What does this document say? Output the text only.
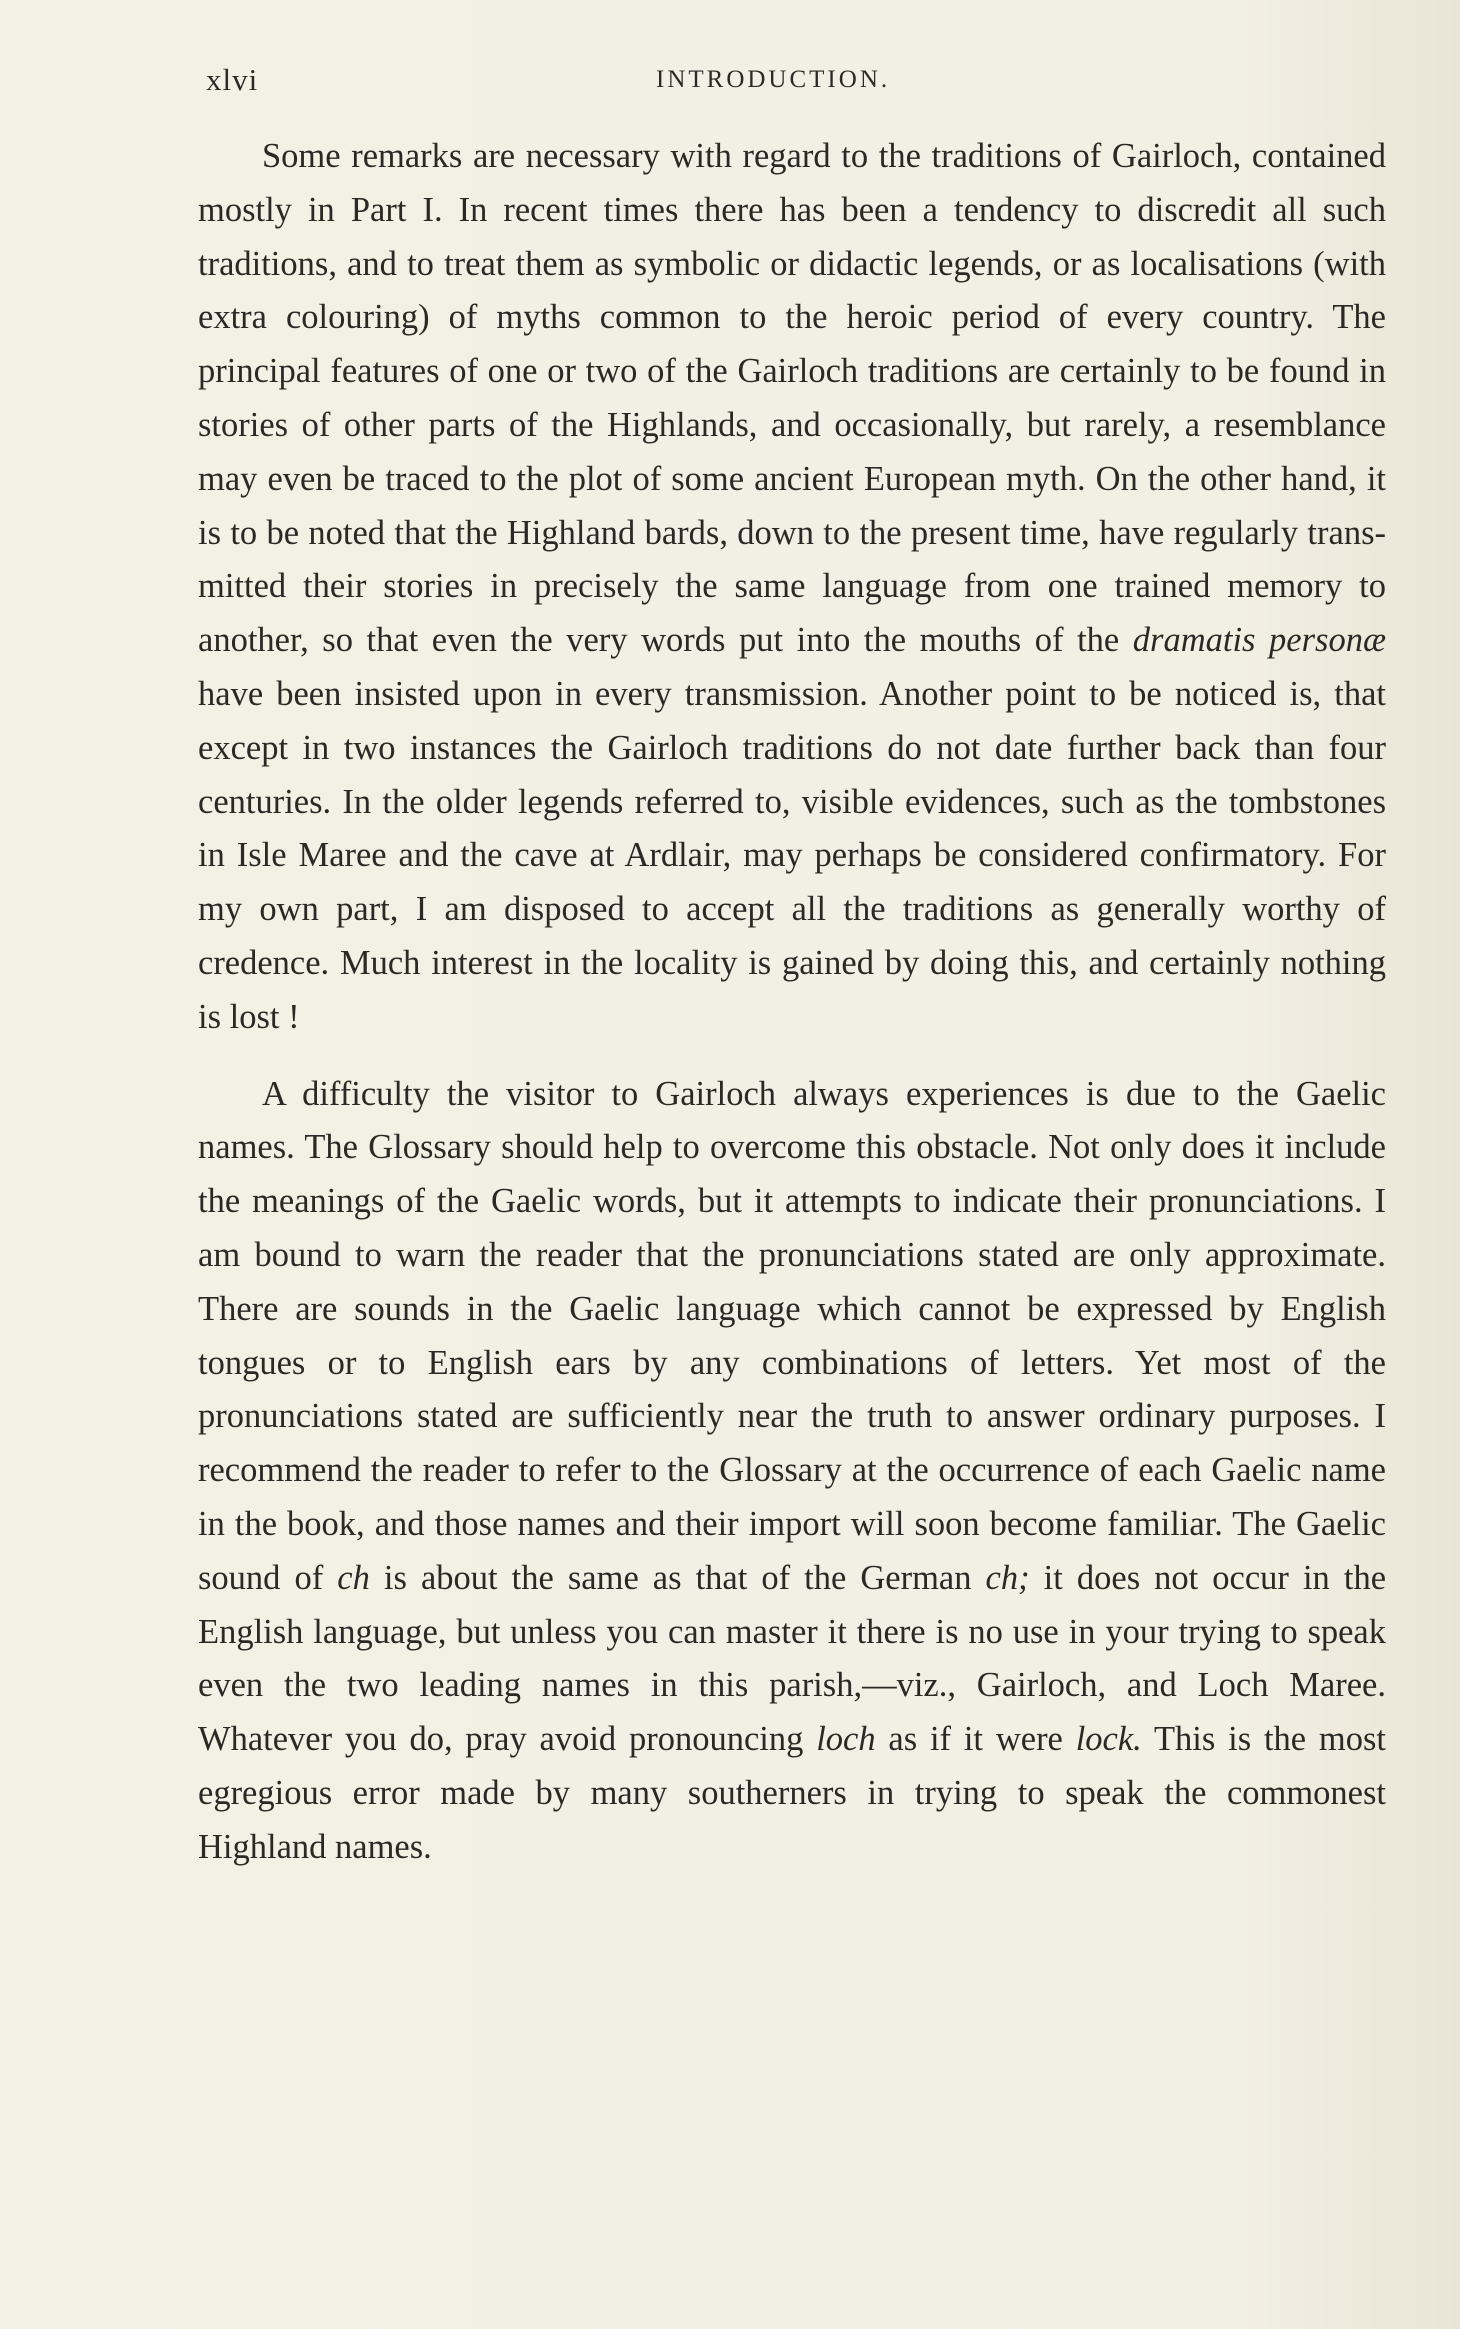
xlvi	INTRODUCTION.

Some remarks are necessary with regard to the traditions of Gairloch, contained mostly in Part I. In recent times there has been a tendency to discredit all such traditions, and to treat them as symbolic or didactic legends, or as localisations (with extra colouring) of myths common to the heroic period of every country. The principal features of one or two of the Gairloch traditions are certainly to be found in stories of other parts of the Highlands, and occasionally, but rarely, a resemblance may even be traced to the plot of some ancient European myth. On the other hand, it is to be noted that the Highland bards, down to the present time, have regularly transmitted their stories in precisely the same language from one trained memory to another, so that even the very words put into the mouths of the dramatis personæ have been insisted upon in every transmission. Another point to be noticed is, that except in two instances the Gairloch traditions do not date further back than four centuries. In the older legends referred to, visible evidences, such as the tombstones in Isle Maree and the cave at Ardlair, may perhaps be considered confirmatory. For my own part, I am disposed to accept all the traditions as generally worthy of credence. Much interest in the locality is gained by doing this, and certainly nothing is lost !

A difficulty the visitor to Gairloch always experiences is due to the Gaelic names. The Glossary should help to overcome this obstacle. Not only does it include the meanings of the Gaelic words, but it attempts to indicate their pronunciations. I am bound to warn the reader that the pronunciations stated are only approximate. There are sounds in the Gaelic language which cannot be expressed by English tongues or to English ears by any combinations of letters. Yet most of the pronunciations stated are sufficiently near the truth to answer ordinary purposes. I recommend the reader to refer to the Glossary at the occurrence of each Gaelic name in the book, and those names and their import will soon become familiar. The Gaelic sound of ch is about the same as that of the German ch; it does not occur in the English language, but unless you can master it there is no use in your trying to speak even the two leading names in this parish,—viz., Gairloch, and Loch Maree. Whatever you do, pray avoid pronouncing loch as if it were lock. This is the most egregious error made by many southerners in trying to speak the commonest Highland names.
